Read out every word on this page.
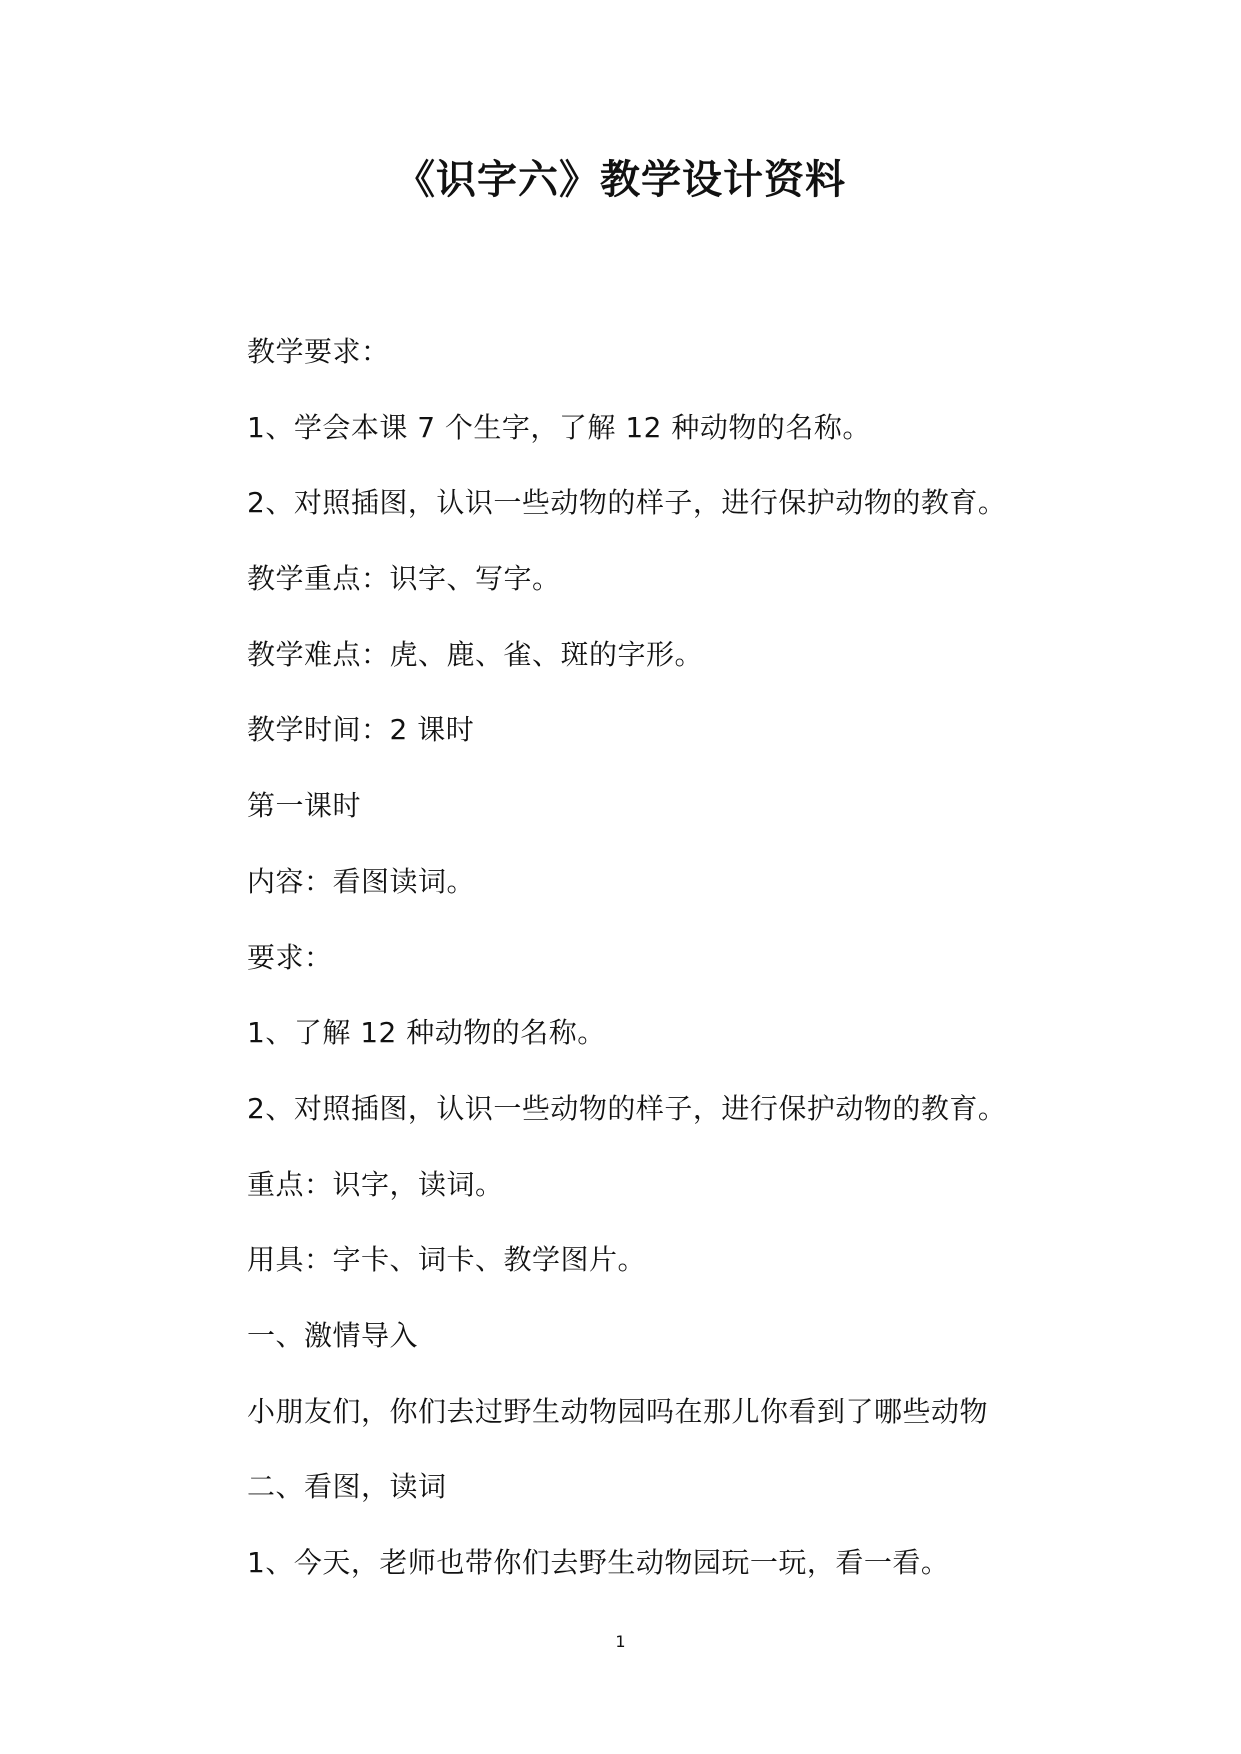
《识字六》教学设计资料
教学要求：
1、学会本课 7 个生字，了解 12 种动物的名称。
2、对照插图，认识一些动物的样子，进行保护动物的教育。
教学重点：识字、写字。
教学难点：虎、鹿、雀、斑的字形。
教学时间：2 课时
第一课时
内容：看图读词。
要求：
1、了解 12 种动物的名称。
2、对照插图，认识一些动物的样子，进行保护动物的教育。
重点：识字，读词。
用具：字卡、词卡、教学图片。
一、激情导入
小朋友们，你们去过野生动物园吗在那儿你看到了哪些动物
二、看图，读词
1、今天，老师也带你们去野生动物园玩一玩，看一看。
1
